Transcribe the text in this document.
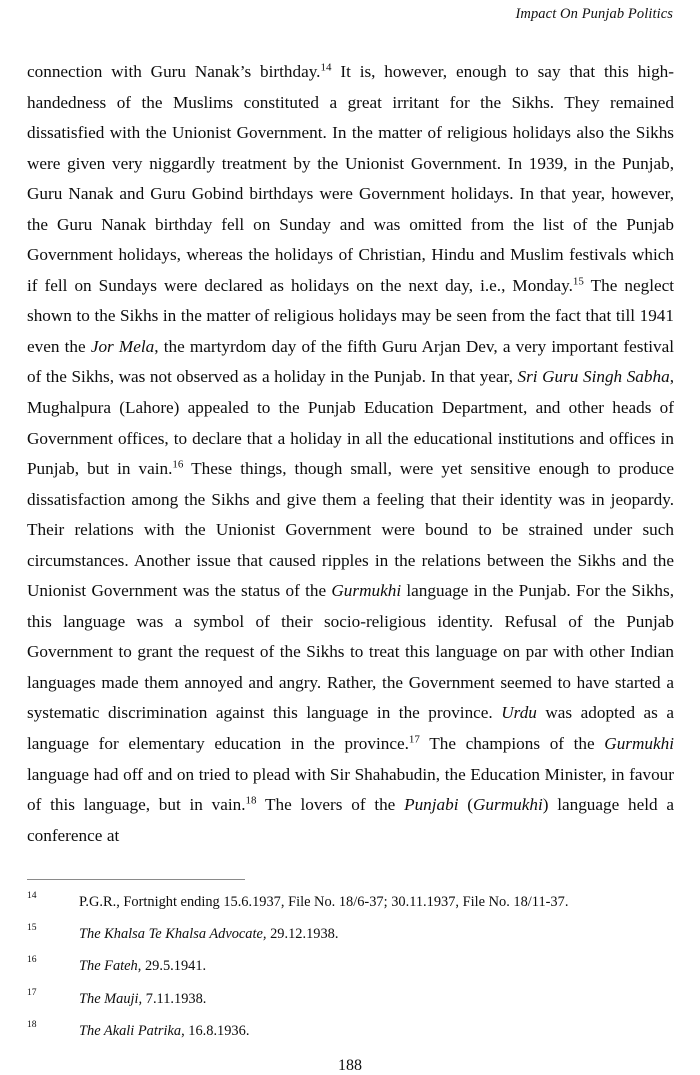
Impact On Punjab Politics

connection with Guru Nanak’s birthday.$^{14}$ It is, however, enough to say that this high-handedness of the Muslims constituted a great irritant for the Sikhs. They remained dissatisfied with the Unionist Government. In the matter of religious holidays also the Sikhs were given very niggardly treatment by the Unionist Government. In 1939, in the Punjab, Guru Nanak and Guru Gobind birthdays were Government holidays. In that year, however, the Guru Nanak birthday fell on Sunday and was omitted from the list of the Punjab Government holidays, whereas the holidays of Christian, Hindu and Muslim festivals which if fell on Sundays were declared as holidays on the next day, i.e., Monday.$^{15}$ The neglect shown to the Sikhs in the matter of religious holidays may be seen from the fact that till 1941 even the Jor Mela, the martyrdom day of the fifth Guru Arjan Dev, a very important festival of the Sikhs, was not observed as a holiday in the Punjab. In that year, Sri Guru Singh Sabha, Mughalpura (Lahore) appealed to the Punjab Education Department, and other heads of Government offices, to declare that a holiday in all the educational institutions and offices in Punjab, but in vain.$^{16}$ These things, though small, were yet sensitive enough to produce dissatisfaction among the Sikhs and give them a feeling that their identity was in jeopardy. Their relations with the Unionist Government were bound to be strained under such circumstances. Another issue that caused ripples in the relations between the Sikhs and the Unionist Government was the status of the Gurmukhi language in the Punjab. For the Sikhs, this language was a symbol of their socio-religious identity. Refusal of the Punjab Government to grant the request of the Sikhs to treat this language on par with other Indian languages made them annoyed and angry. Rather, the Government seemed to have started a systematic discrimination against this language in the province. Urdu was adopted as a language for elementary education in the province.$^{17}$ The champions of the Gurmukhi language had off and on tried to plead with Sir Shahabudin, the Education Minister, in favour of this language, but in vain.$^{18}$ The lovers of the Punjabi (Gurmukhi) language held a conference at

14	P.G.R., Fortnight ending 15.6.1937, File No. 18/6-37; 30.11.1937, File No. 18/11-37.
15	The Khalsa Te Khalsa Advocate, 29.12.1938.
16	The Fateh, 29.5.1941.
17	The Mauji, 7.11.1938.
18	The Akali Patrika, 16.8.1936.
188
